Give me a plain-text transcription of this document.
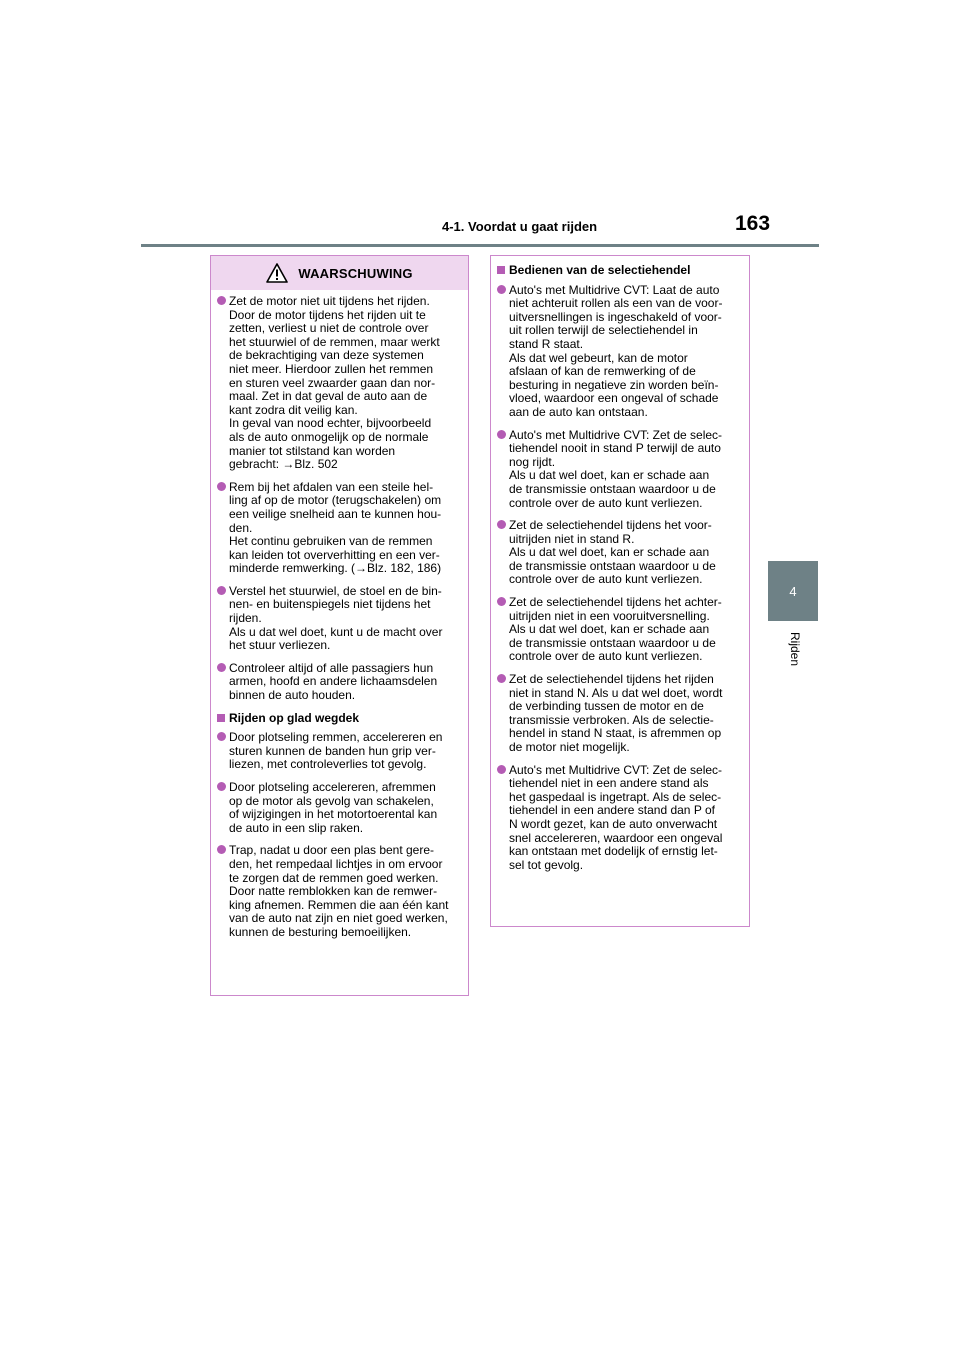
4-1. Voordat u gaat rijden	163
4
Rijden
WAARSCHUWING
Zet de motor niet uit tijdens het rijden.
Door de motor tijdens het rijden uit te
zetten, verliest u niet de controle over
het stuurwiel of de remmen, maar werkt
de bekrachtiging van deze systemen
niet meer. Hierdoor zullen het remmen
en sturen veel zwaarder gaan dan nor-
maal. Zet in dat geval de auto aan de
kant zodra dit veilig kan.
In geval van nood echter, bijvoorbeeld
als de auto onmogelijk op de normale
manier tot stilstand kan worden
gebracht: →Blz. 502
Rem bij het afdalen van een steile hel-
ling af op de motor (terugschakelen) om
een veilige snelheid aan te kunnen hou-
den.
Het continu gebruiken van de remmen
kan leiden tot oververhitting en een ver-
minderde remwerking. (→Blz. 182, 186)
Verstel het stuurwiel, de stoel en de bin-
nen- en buitenspiegels niet tijdens het
rijden.
Als u dat wel doet, kunt u de macht over
het stuur verliezen.
Controleer altijd of alle passagiers hun
armen, hoofd en andere lichaamsdelen
binnen de auto houden.
Rijden op glad wegdek
Door plotseling remmen, accelereren en
sturen kunnen de banden hun grip ver-
liezen, met controleverlies tot gevolg.
Door plotseling accelereren, afremmen
op de motor als gevolg van schakelen,
of wijzigingen in het motortoerental kan
de auto in een slip raken.
Trap, nadat u door een plas bent gere-
den, het rempedaal lichtjes in om ervoor
te zorgen dat de remmen goed werken.
Door natte remblokken kan de remwer-
king afnemen. Remmen die aan één kant
van de auto nat zijn en niet goed werken,
kunnen de besturing bemoeilijken.
Bedienen van de selectiehendel
Auto's met Multidrive CVT: Laat de auto
niet achteruit rollen als een van de voor-
uitversnellingen is ingeschakeld of voor-
uit rollen terwijl de selectiehendel in
stand R staat.
Als dat wel gebeurt, kan de motor
afslaan of kan de remwerking of de
besturing in negatieve zin worden beïn-
vloed, waardoor een ongeval of schade
aan de auto kan ontstaan.
Auto's met Multidrive CVT: Zet de selec-
tiehendel nooit in stand P terwijl de auto
nog rijdt.
Als u dat wel doet, kan er schade aan
de transmissie ontstaan waardoor u de
controle over de auto kunt verliezen.
Zet de selectiehendel tijdens het voor-
uitrijden niet in stand R.
Als u dat wel doet, kan er schade aan
de transmissie ontstaan waardoor u de
controle over de auto kunt verliezen.
Zet de selectiehendel tijdens het achter-
uitrijden niet in een vooruitversnelling.
Als u dat wel doet, kan er schade aan
de transmissie ontstaan waardoor u de
controle over de auto kunt verliezen.
Zet de selectiehendel tijdens het rijden
niet in stand N. Als u dat wel doet, wordt
de verbinding tussen de motor en de
transmissie verbroken. Als de selectie-
hendel in stand N staat, is afremmen op
de motor niet mogelijk.
Auto's met Multidrive CVT: Zet de selec-
tiehendel niet in een andere stand als
het gaspedaal is ingetrapt. Als de selec-
tiehendel in een andere stand dan P of
N wordt gezet, kan de auto onverwacht
snel accelereren, waardoor een ongeval
kan ontstaan met dodelijk of ernstig let-
sel tot gevolg.
